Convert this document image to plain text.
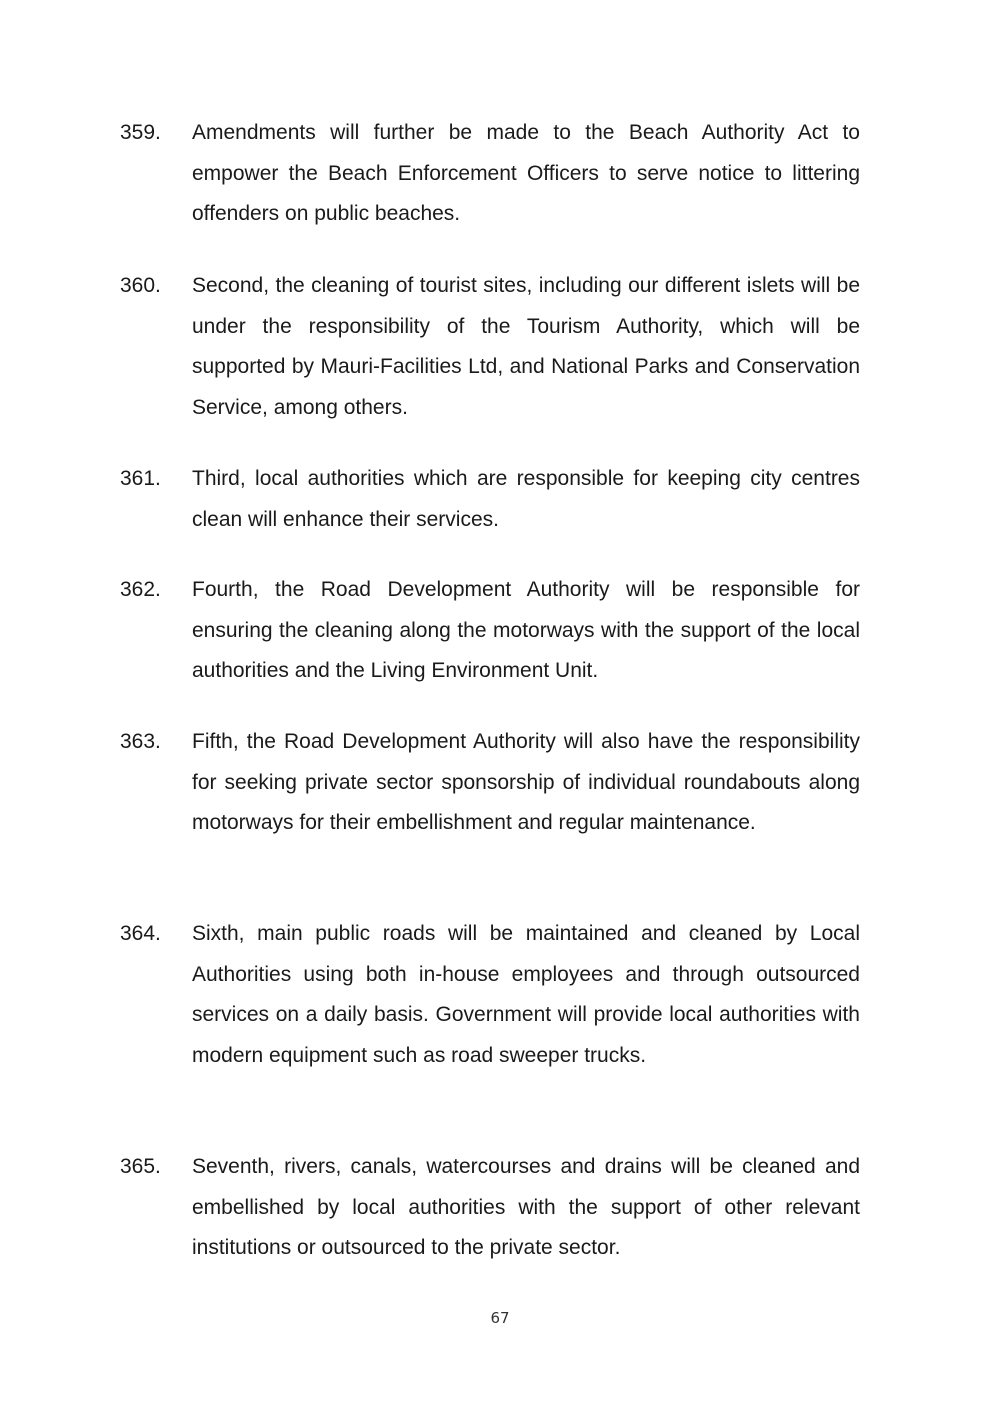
359.	Amendments will further be made to the Beach Authority Act to empower the Beach Enforcement Officers to serve notice to littering offenders on public beaches.
360.	Second, the cleaning of tourist sites, including our different islets will be under the responsibility of the Tourism Authority, which will be supported by Mauri-Facilities Ltd, and National Parks and Conservation Service, among others.
361.	Third, local authorities which are responsible for keeping city centres clean will enhance their services.
362.	Fourth, the Road Development Authority will be responsible for ensuring the cleaning along the motorways with the support of the local authorities and the Living Environment Unit.
363.	Fifth, the Road Development Authority will also have the responsibility for seeking private sector sponsorship of individual roundabouts along motorways for their embellishment and regular maintenance.
364.	Sixth, main public roads will be maintained and cleaned by Local Authorities using both in-house employees and through outsourced services on a daily basis. Government will provide local authorities with modern equipment such as road sweeper trucks.
365.	Seventh, rivers, canals, watercourses and drains will be cleaned and embellished by local authorities with the support of other relevant institutions or outsourced to the private sector.
67
